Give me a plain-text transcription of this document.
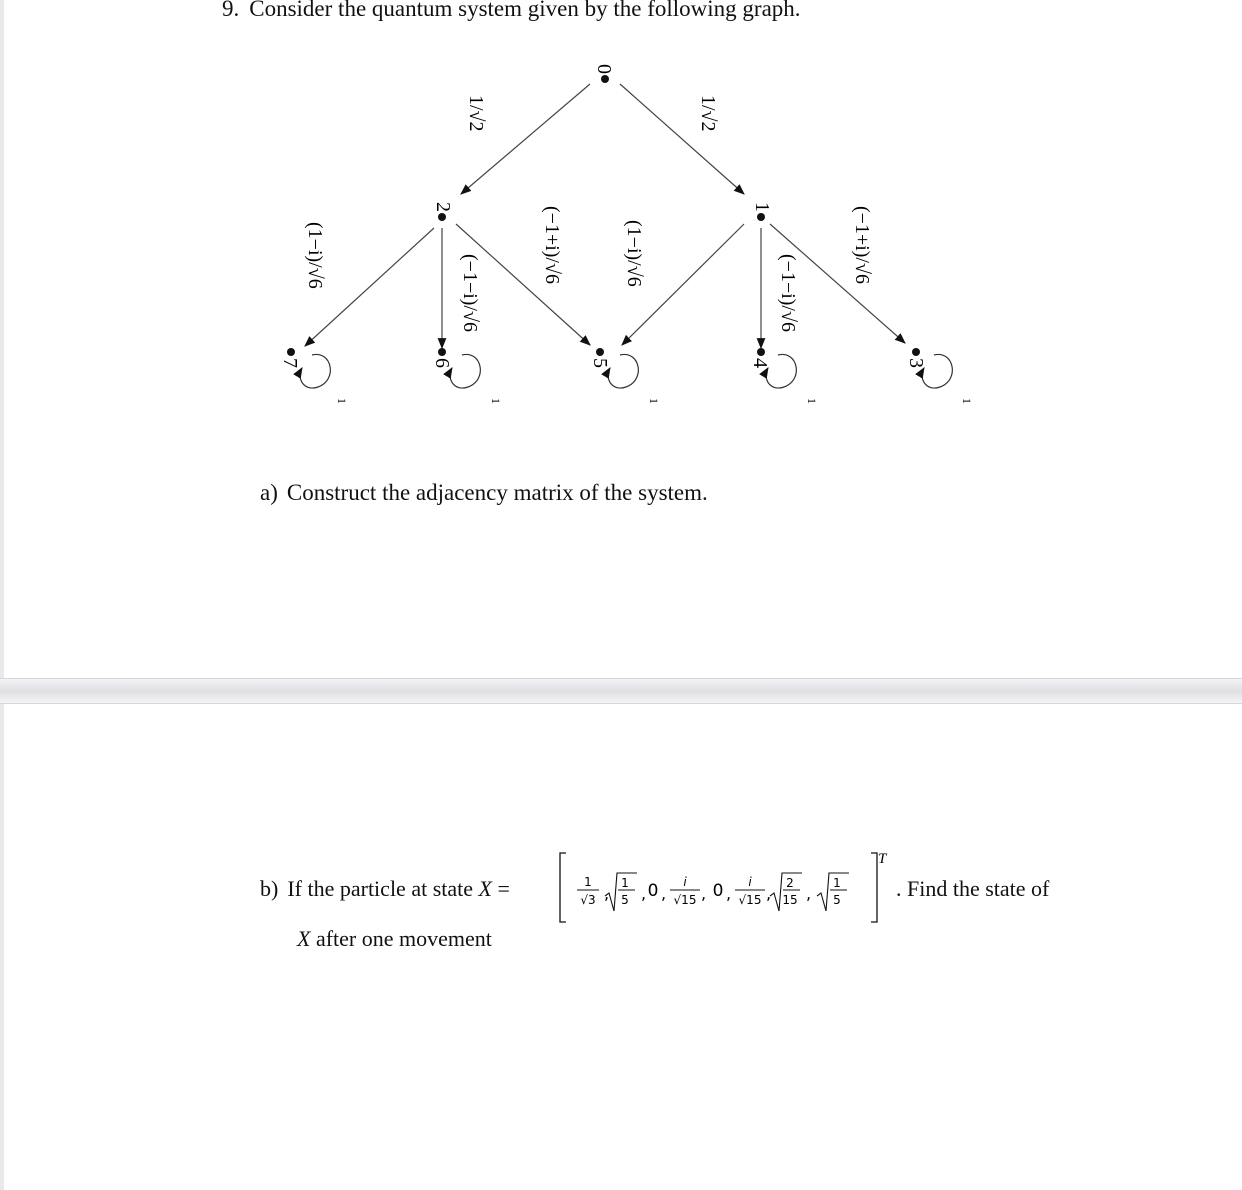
9. Consider the quantum system given by the following graph.
0
1
2
7	6	5	4	3
1/√2	1/√2
(1−i)/√6	(−1−i)/√6
(−1+i)/√6	(1−i)/√6
(−1−i)/√6
(−1+i)/√6
1	1	1	1	1
a) Construct the adjacency matrix of the system.
b) If the particle at state X =	1
√3 ,
1
5 , 0 ,
i
√15 , 0 ,
i
√15 ,
2
15 ,
1
5
T
. Find the state of
X after one movement
